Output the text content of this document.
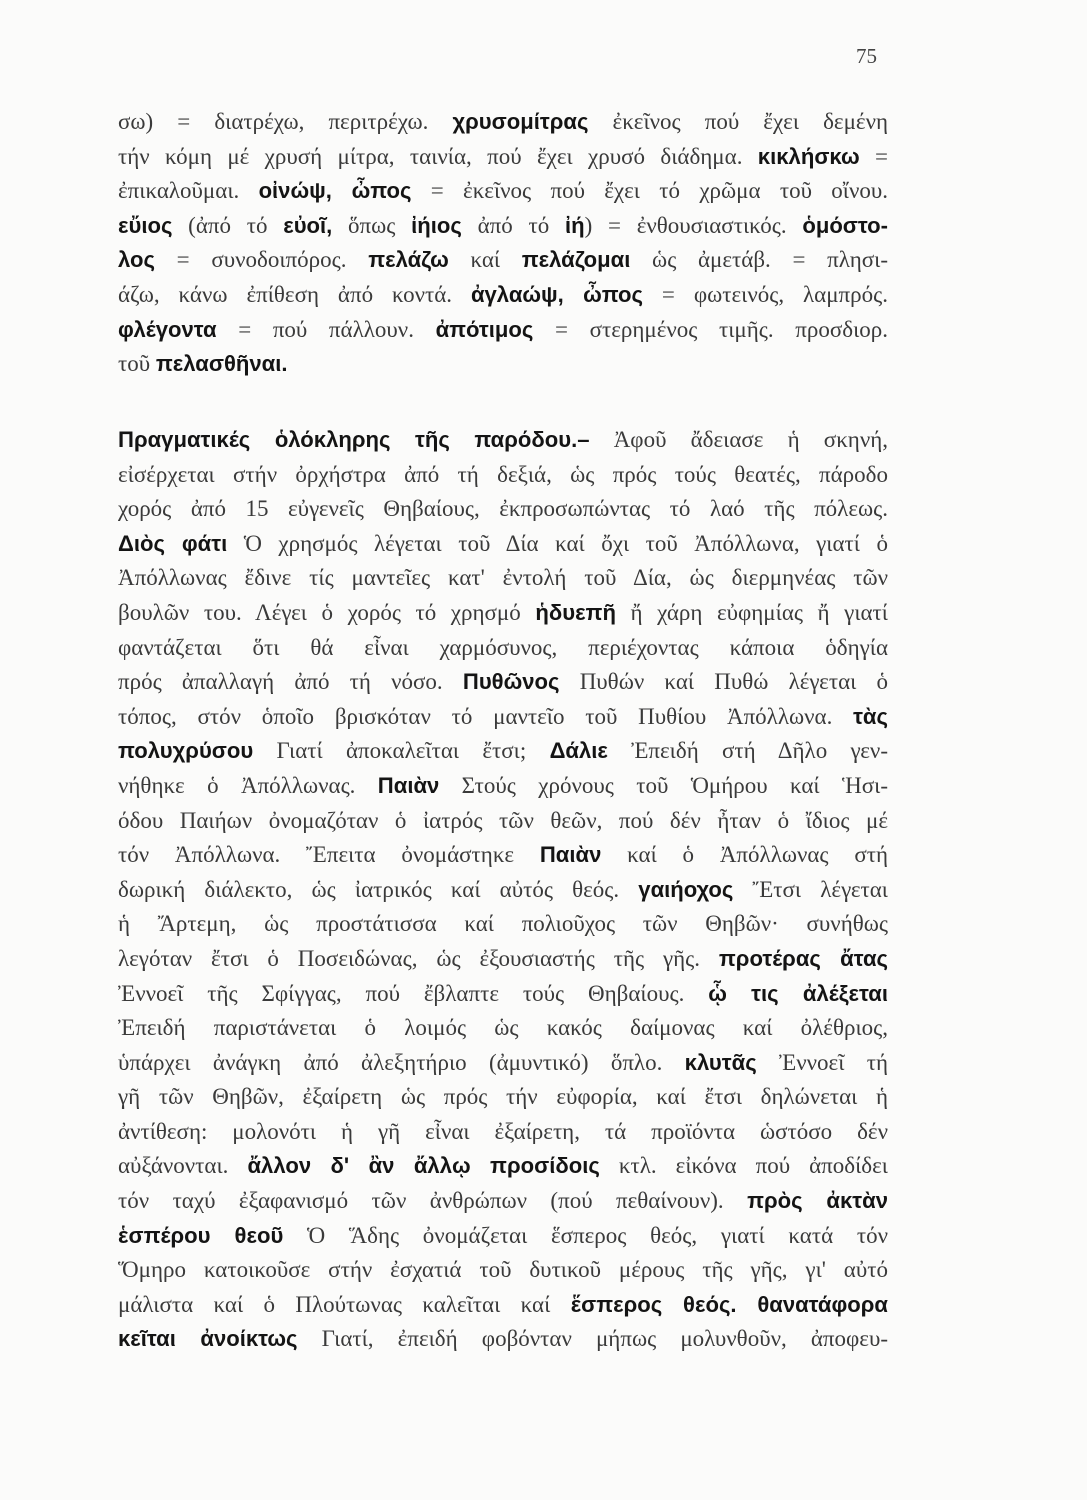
75
σω) = διατρέχω, περιτρέχω. χρυσομίτρας ἐκεῖνος πού ἔχει δεμένη
τήν κόμη μέ χρυσή μίτρα, ταινία, πού ἔχει χρυσό διάδημα. κικλήσκω =
ἐπικαλοῦμαι. οἰνώψ, ὦπος = ἐκεῖνος πού ἔχει τό χρῶμα τοῦ οἴνου.
εὔιος (ἀπό τό εὐοῖ, ὅπως ἰήιος ἀπό τό ἰή) = ἐνθουσιαστικός. ὁμόστο-
λος = συνοδοιπόρος. πελάζω καί πελάζομαι ὡς ἀμετάβ. = πλησι-
άζω, κάνω ἐπίθεση ἀπό κοντά. ἀγλαώψ, ὦπος = φωτεινός, λαμπρός.
φλέγοντα = πού πάλλουν. ἀπότιμος = στερημένος τιμῆς. προσδιορ.
τοῦ πελασθῆναι.
Πραγματικές ὁλόκληρης τῆς παρόδου.– Ἀφοῦ ἄδειασε ἡ σκηνή,
εἰσέρχεται στήν ὀρχήστρα ἀπό τή δεξιά, ὡς πρός τούς θεατές, πάροδο
χορός ἀπό 15 εὐγενεῖς Θηβαίους, ἐκπροσωπώντας τό λαό τῆς πόλεως.
Διὸς φάτι Ὁ χρησμός λέγεται τοῦ Δία καί ὄχι τοῦ Ἀπόλλωνα, γιατί ὁ
Ἀπόλλωνας ἔδινε τίς μαντεῖες κατ' ἐντολή τοῦ Δία, ὡς διερμηνέας τῶν
βουλῶν του. Λέγει ὁ χορός τό χρησμό ἡδυεπῆ ἤ χάρη εὐφημίας ἤ γιατί
φαντάζεται ὅτι θά εἶναι χαρμόσυνος, περιέχοντας κάποια ὁδηγία
πρός ἀπαλλαγή ἀπό τή νόσο. Πυθῶνος Πυθών καί Πυθώ λέγεται ὁ
τόπος, στόν ὁποῖο βρισκόταν τό μαντεῖο τοῦ Πυθίου Ἀπόλλωνα. τὰς
πολυχρύσου Γιατί ἀποκαλεῖται ἔτσι; Δάλιε Ἐπειδή στή Δῆλο γεν-
νήθηκε ὁ Ἀπόλλωνας. Παιὰν Στούς χρόνους τοῦ Ὁμήρου καί Ἡσι-
όδου Παιήων ὀνομαζόταν ὁ ἰατρός τῶν θεῶν, πού δέν ἦταν ὁ ἴδιος μέ
τόν Ἀπόλλωνα. Ἔπειτα ὀνομάστηκε Παιὰν καί ὁ Ἀπόλλωνας στή
δωρική διάλεκτο, ὡς ἰατρικός καί αὐτός θεός. γαιήοχος Ἔτσι λέγεται
ἡ Ἄρτεμη, ὡς προστάτισσα καί πολιοῦχος τῶν Θηβῶν· συνήθως
λεγόταν ἔτσι ὁ Ποσειδώνας, ὡς ἐξουσιαστής τῆς γῆς. προτέρας ἄτας
Ἐννοεῖ τῆς Σφίγγας, πού ἔβλαπτε τούς Θηβαίους. ᾧ τις ἀλέξεται
Ἐπειδή παριστάνεται ὁ λοιμός ὡς κακός δαίμονας καί ὀλέθριος,
ὑπάρχει ἀνάγκη ἀπό ἀλεξητήριο (ἀμυντικό) ὅπλο. κλυτᾶς Ἐννοεῖ τή
γῆ τῶν Θηβῶν, ἐξαίρετη ὡς πρός τήν εὐφορία, καί ἔτσι δηλώνεται ἡ
ἀντίθεση: μολονότι ἡ γῆ εἶναι ἐξαίρετη, τά προϊόντα ὡστόσο δέν
αὐξάνονται. ἄλλον δ' ἂν ἄλλῳ προσίδοις κτλ. εἰκόνα πού ἀποδίδει
τόν ταχύ ἐξαφανισμό τῶν ἀνθρώπων (πού πεθαίνουν). πρὸς ἀκτὰν
ἑσπέρου θεοῦ Ὁ Ἅδης ὀνομάζεται ἕσπερος θεός, γιατί κατά τόν
Ὅμηρο κατοικοῦσε στήν ἐσχατιά τοῦ δυτικοῦ μέρους τῆς γῆς, γι' αὐτό
μάλιστα καί ὁ Πλούτωνας καλεῖται καί ἕσπερος θεός. θανατάφορα
κεῖται ἀνοίκτως Γιατί, ἐπειδή φοβόνταν μήπως μολυνθοῦν, ἀποφευ-
